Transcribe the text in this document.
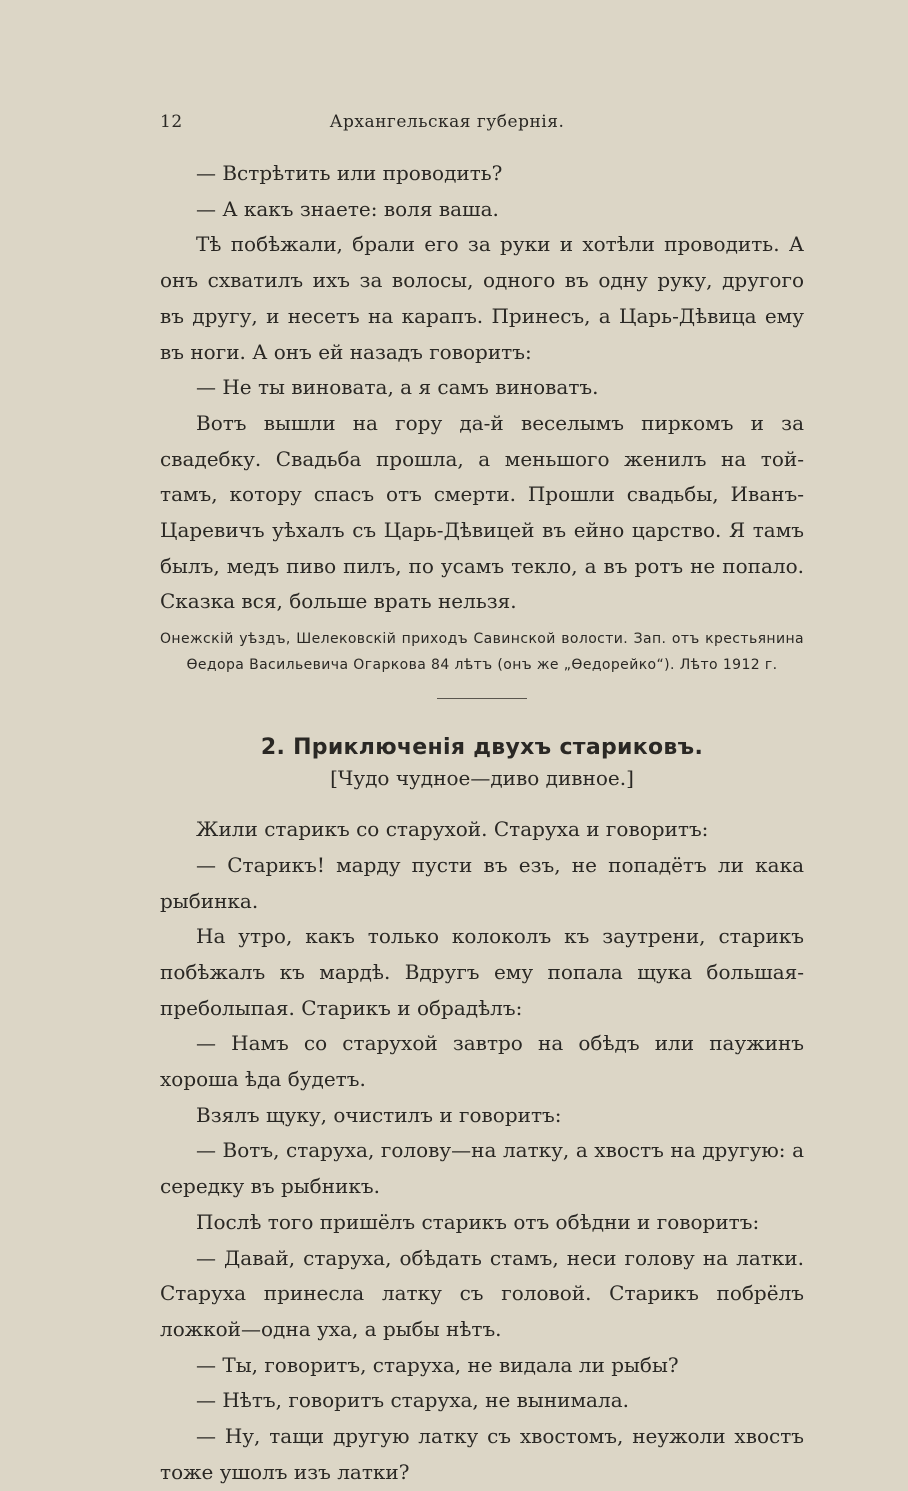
12	Архангельская губернія.

— Встрѣтить или проводить?

— А какъ знаете: воля ваша.

Тѣ побѣжали, брали его за руки и хотѣли проводить. А онъ схватилъ ихъ за волосы, одного въ одну руку, другого въ другу, и несетъ на карапъ. Принесъ, а Царь-Дѣвица ему въ ноги. А онъ ей назадъ говоритъ:

— Не ты виновата, а я самъ виноватъ.

Вотъ вышли на гору да-й веселымъ пиркомъ и за свадебку. Свадьба прошла, а меньшого женилъ на той-тамъ, котору спасъ отъ смерти. Прошли свадьбы, Иванъ-Царевичъ уѣхалъ съ Царь-Дѣвицей въ ейно царство. Я тамъ былъ, медъ пиво пилъ, по усамъ текло, а въ ротъ не попало. Сказка вся, больше врать нельзя.

Онежскій уѣздъ, Шелековскій приходъ Савинской волости. Зап. отъ крестьянина Ѳедора Васильевича Огаркова 84 лѣтъ (онъ же „Ѳедорейко“). Лѣто 1912 г.

2. Приключенія двухъ стариковъ.
[Чудо чудное—диво дивное.]

Жили старикъ со старухой. Старуха и говоритъ:

— Старикъ! марду пусти въ езъ, не попадётъ ли кака рыбинка.

На утро, какъ только колоколъ къ заутрени, старикъ побѣжалъ къ мардѣ. Вдругъ ему попала щука большая-преболыпая. Старикъ и обрадѣлъ:

— Намъ со старухой завтро на обѣдъ или паужинъ хороша ѣда будетъ.

Взялъ щуку, очистилъ и говоритъ:

— Вотъ, старуха, голову—на латку, а хвостъ на другую: а середку въ рыбникъ.

Послѣ того пришёлъ старикъ отъ обѣдни и говоритъ:

— Давай, старуха, обѣдать стамъ, неси голову на латки. Старуха принесла латку съ головой. Старикъ побрёлъ ложкой—одна уха, а рыбы нѣтъ.

— Ты, говоритъ, старуха, не видала ли рыбы?

— Нѣтъ, говоритъ старуха, не вынимала.

— Ну, тащи другую латку съ хвостомъ, неужоли хвостъ тоже ушолъ изъ латки?
